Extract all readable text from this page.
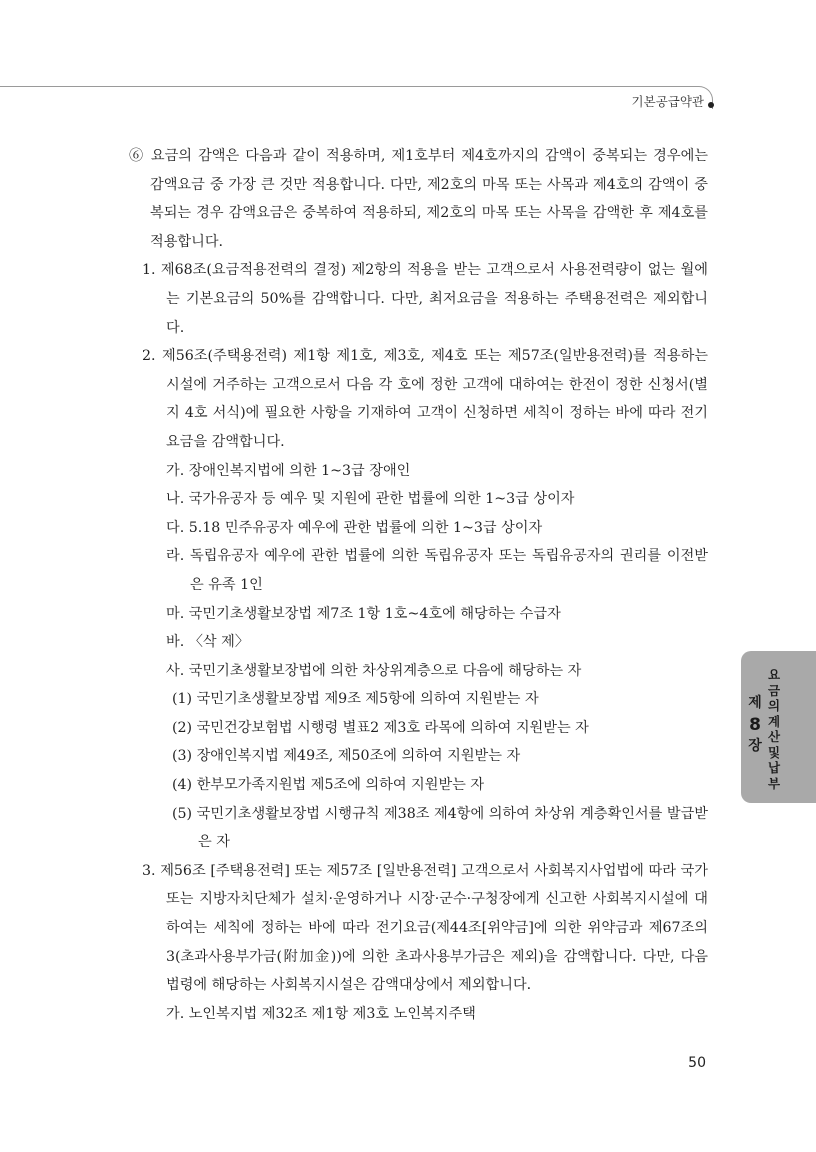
기본공급약관

⑥ 요금의 감액은 다음과 같이 적용하며, 제1호부터 제4호까지의 감액이 중복되는 경우에는 감액요금 중 가장 큰 것만 적용합니다. 다만, 제2호의 마목 또는 사목과 제4호의 감액이 중복되는 경우 감액요금은 중복하여 적용하되, 제2호의 마목 또는 사목을 감액한 후 제4호를 적용합니다.

1. 제68조(요금적용전력의 결정) 제2항의 적용을 받는 고객으로서 사용전력량이 없는 월에는 기본요금의 50%를 감액합니다. 다만, 최저요금을 적용하는 주택용전력은 제외합니다.

2. 제56조(주택용전력) 제1항 제1호, 제3호, 제4호 또는 제57조(일반용전력)를 적용하는 시설에 거주하는 고객으로서 다음 각 호에 정한 고객에 대하여는 한전이 정한 신청서(별지 4호 서식)에 필요한 사항을 기재하여 고객이 신청하면 세칙이 정하는 바에 따라 전기요금을 감액합니다.

가. 장애인복지법에 의한 1~3급 장애인

나. 국가유공자 등 예우 및 지원에 관한 법률에 의한 1~3급 상이자

다. 5.18 민주유공자 예우에 관한 법률에 의한 1~3급 상이자

라. 독립유공자 예우에 관한 법률에 의한 독립유공자 또는 독립유공자의 권리를 이전받은 유족 1인

마. 국민기초생활보장법 제7조 1항 1호~4호에 해당하는 수급자

바. 〈삭 제〉

사. 국민기초생활보장법에 의한 차상위계층으로 다음에 해당하는 자

(1) 국민기초생활보장법 제9조 제5항에 의하여 지원받는 자

(2) 국민건강보험법 시행령 별표2 제3호 라목에 의하여 지원받는 자

(3) 장애인복지법 제49조, 제50조에 의하여 지원받는 자

(4) 한부모가족지원법 제5조에 의하여 지원받는 자

(5) 국민기초생활보장법 시행규칙 제38조 제4항에 의하여 차상위 계층확인서를 발급받은 자

3. 제56조 [주택용전력] 또는 제57조 [일반용전력] 고객으로서 사회복지사업법에 따라 국가 또는 지방자치단체가 설치·운영하거나 시장·군수·구청장에게 신고한 사회복지시설에 대하여는 세칙에 정하는 바에 따라 전기요금(제44조[위약금]에 의한 위약금과 제67조의3(초과사용부가금(附加金))에 의한 초과사용부가금은 제외)을 감액합니다. 다만, 다음 법령에 해당하는 사회복지시설은 감액대상에서 제외합니다.

가. 노인복지법 제32조 제1항 제3호 노인복지주택

제
8
장
요금의 계산 및 납부
50
